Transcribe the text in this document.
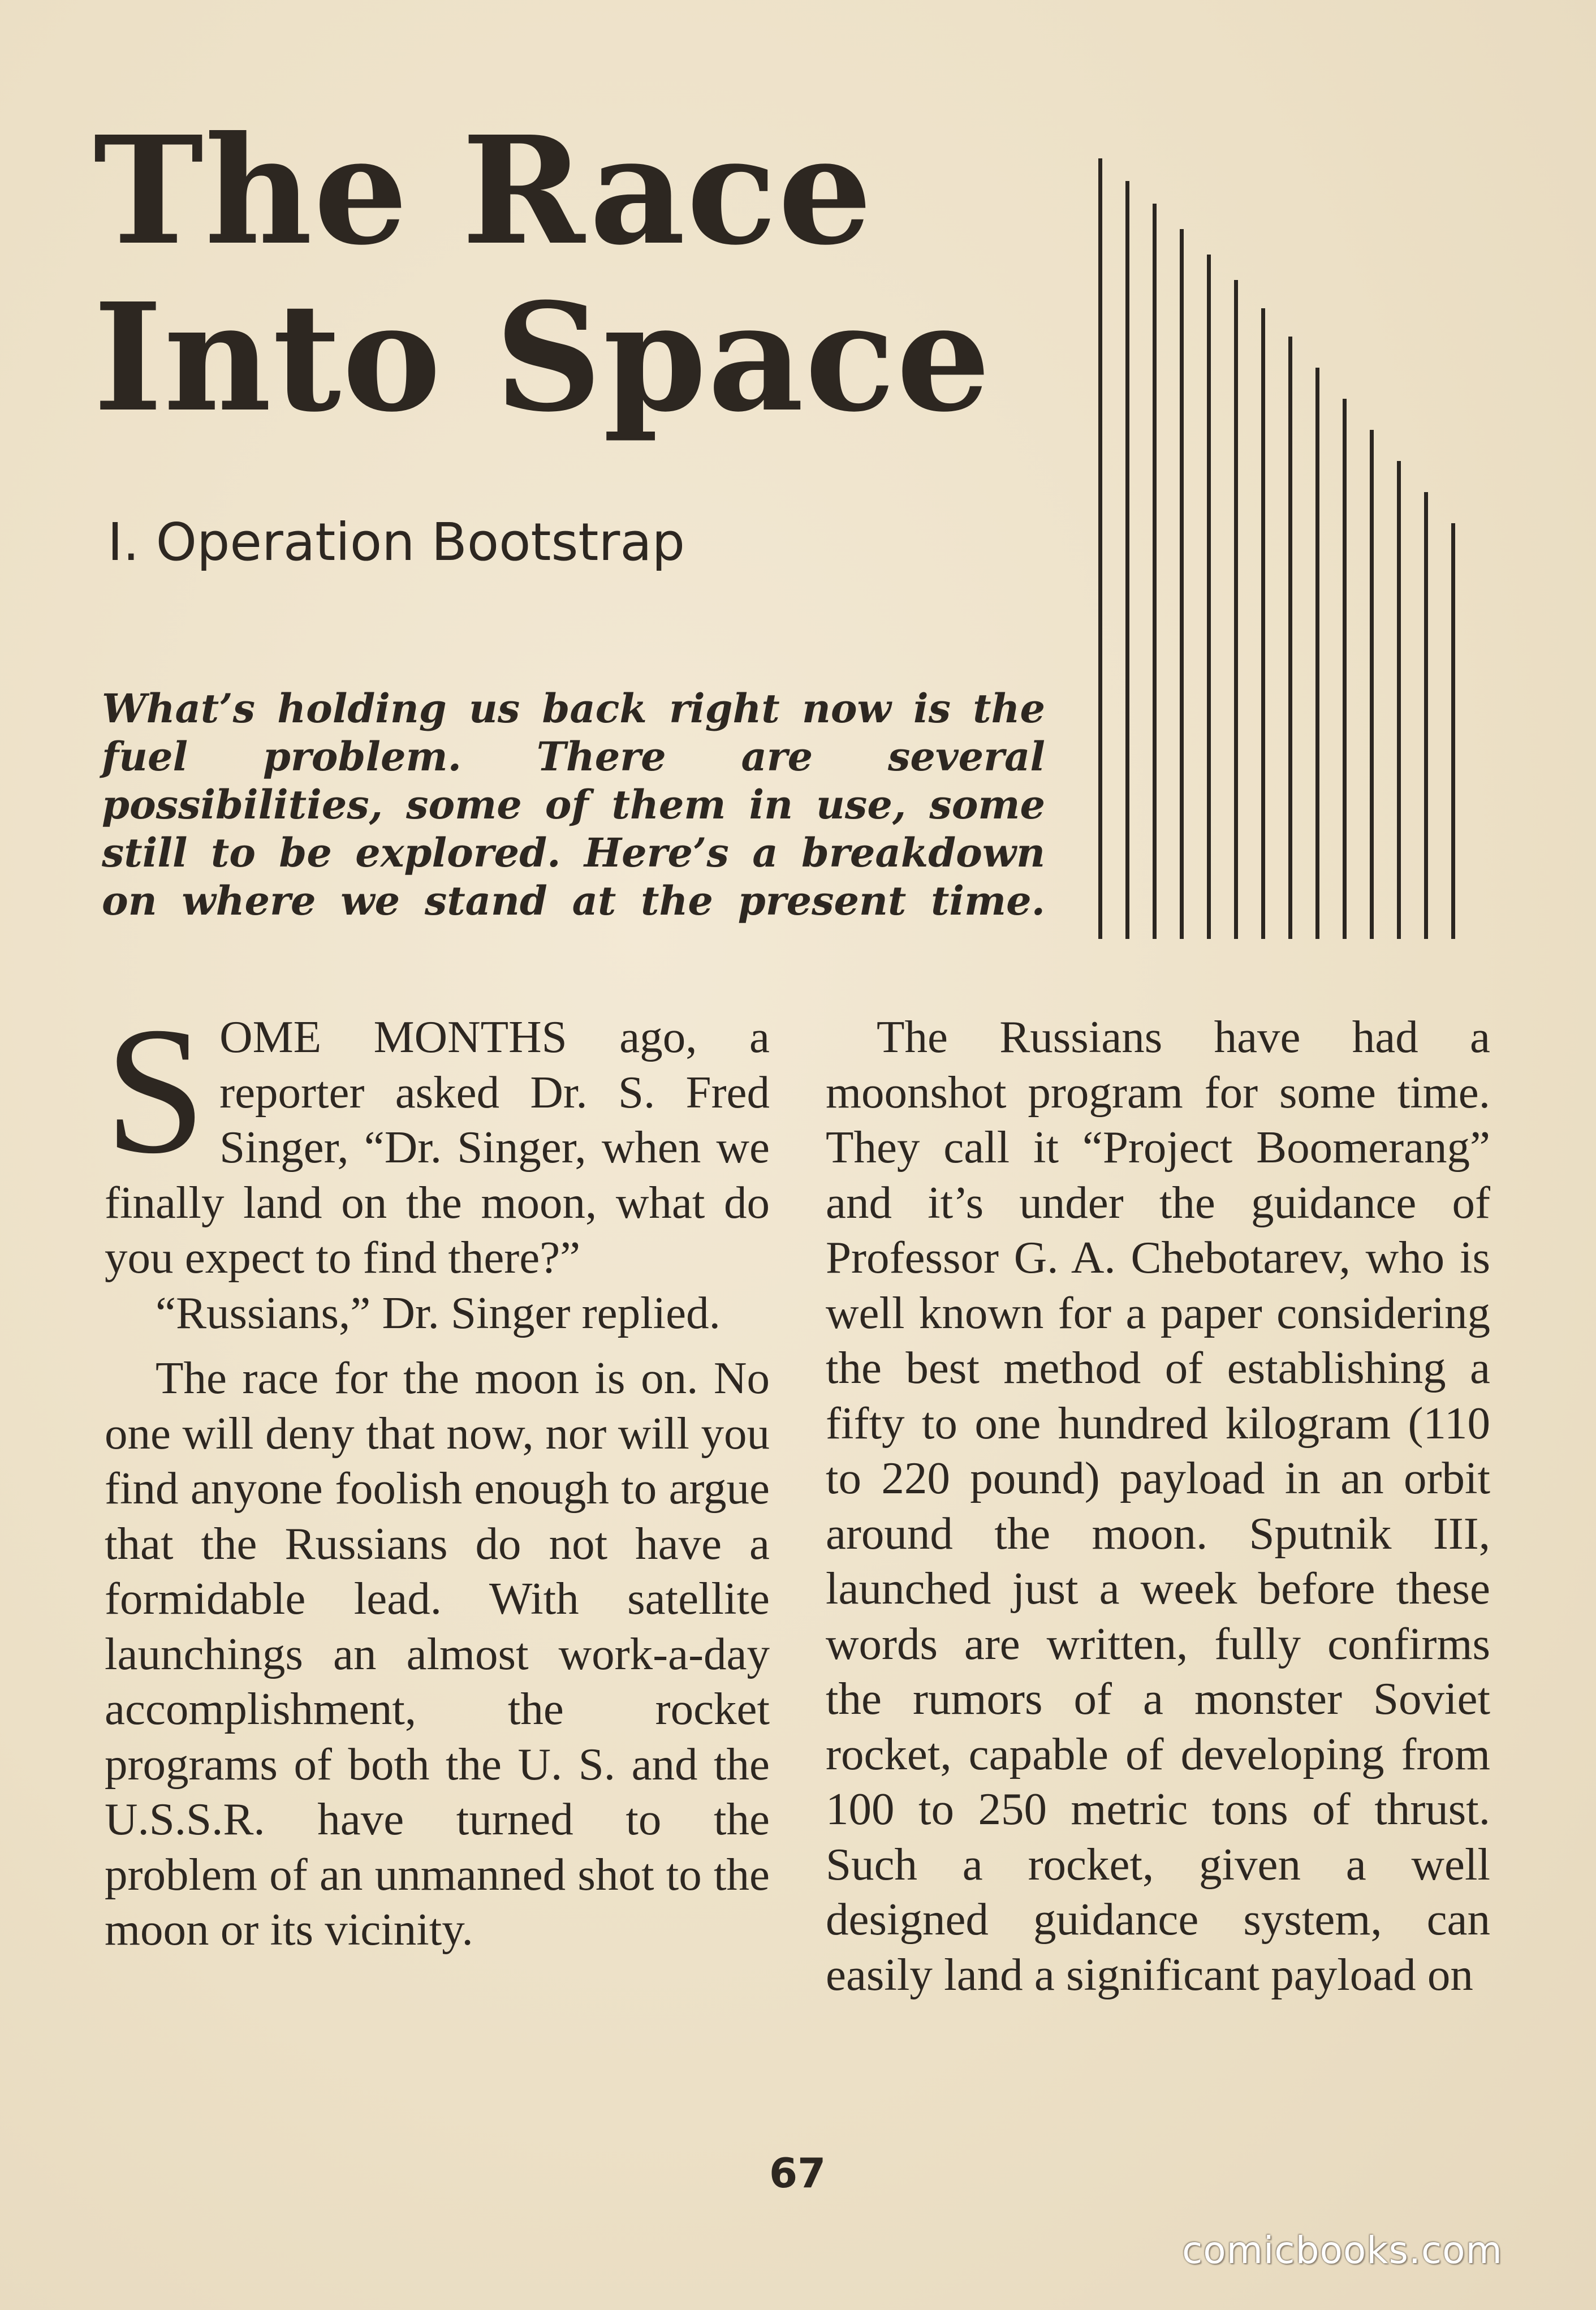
The Race
Into Space
I. Operation Bootstrap
What’s holding us back right now is the fuel problem. There are several possibilities, some of them in use, some still to be explored. Here’s a breakdown on where we stand at the present time.

SOME MONTHS ago, a reporter asked Dr. S. Fred Singer, “Dr. Singer, when we finally land on the moon, what do you expect to find there?”

“Russians,” Dr. Singer replied.

The race for the moon is on. No one will deny that now, nor will you find anyone foolish enough to argue that the Russians do not have a formidable lead. With satellite launchings an almost work-a-day accomplishment, the rocket programs of both the U. S. and the U.S.S.R. have turned to the problem of an unmanned shot to the moon or its vicinity.

The Russians have had a moonshot program for some time. They call it “Project Boomerang” and it’s under the guidance of Professor G. A. Chebotarev, who is well known for a paper considering the best method of establishing a fifty to one hundred kilogram (110 to 220 pound) payload in an orbit around the moon. Sputnik III, launched just a week before these words are written, fully confirms the rumors of a monster Soviet rocket, capable of developing from 100 to 250 metric tons of thrust. Such a rocket, given a well designed guidance system, can easily land a significant payload on

67
comicbooks.com
